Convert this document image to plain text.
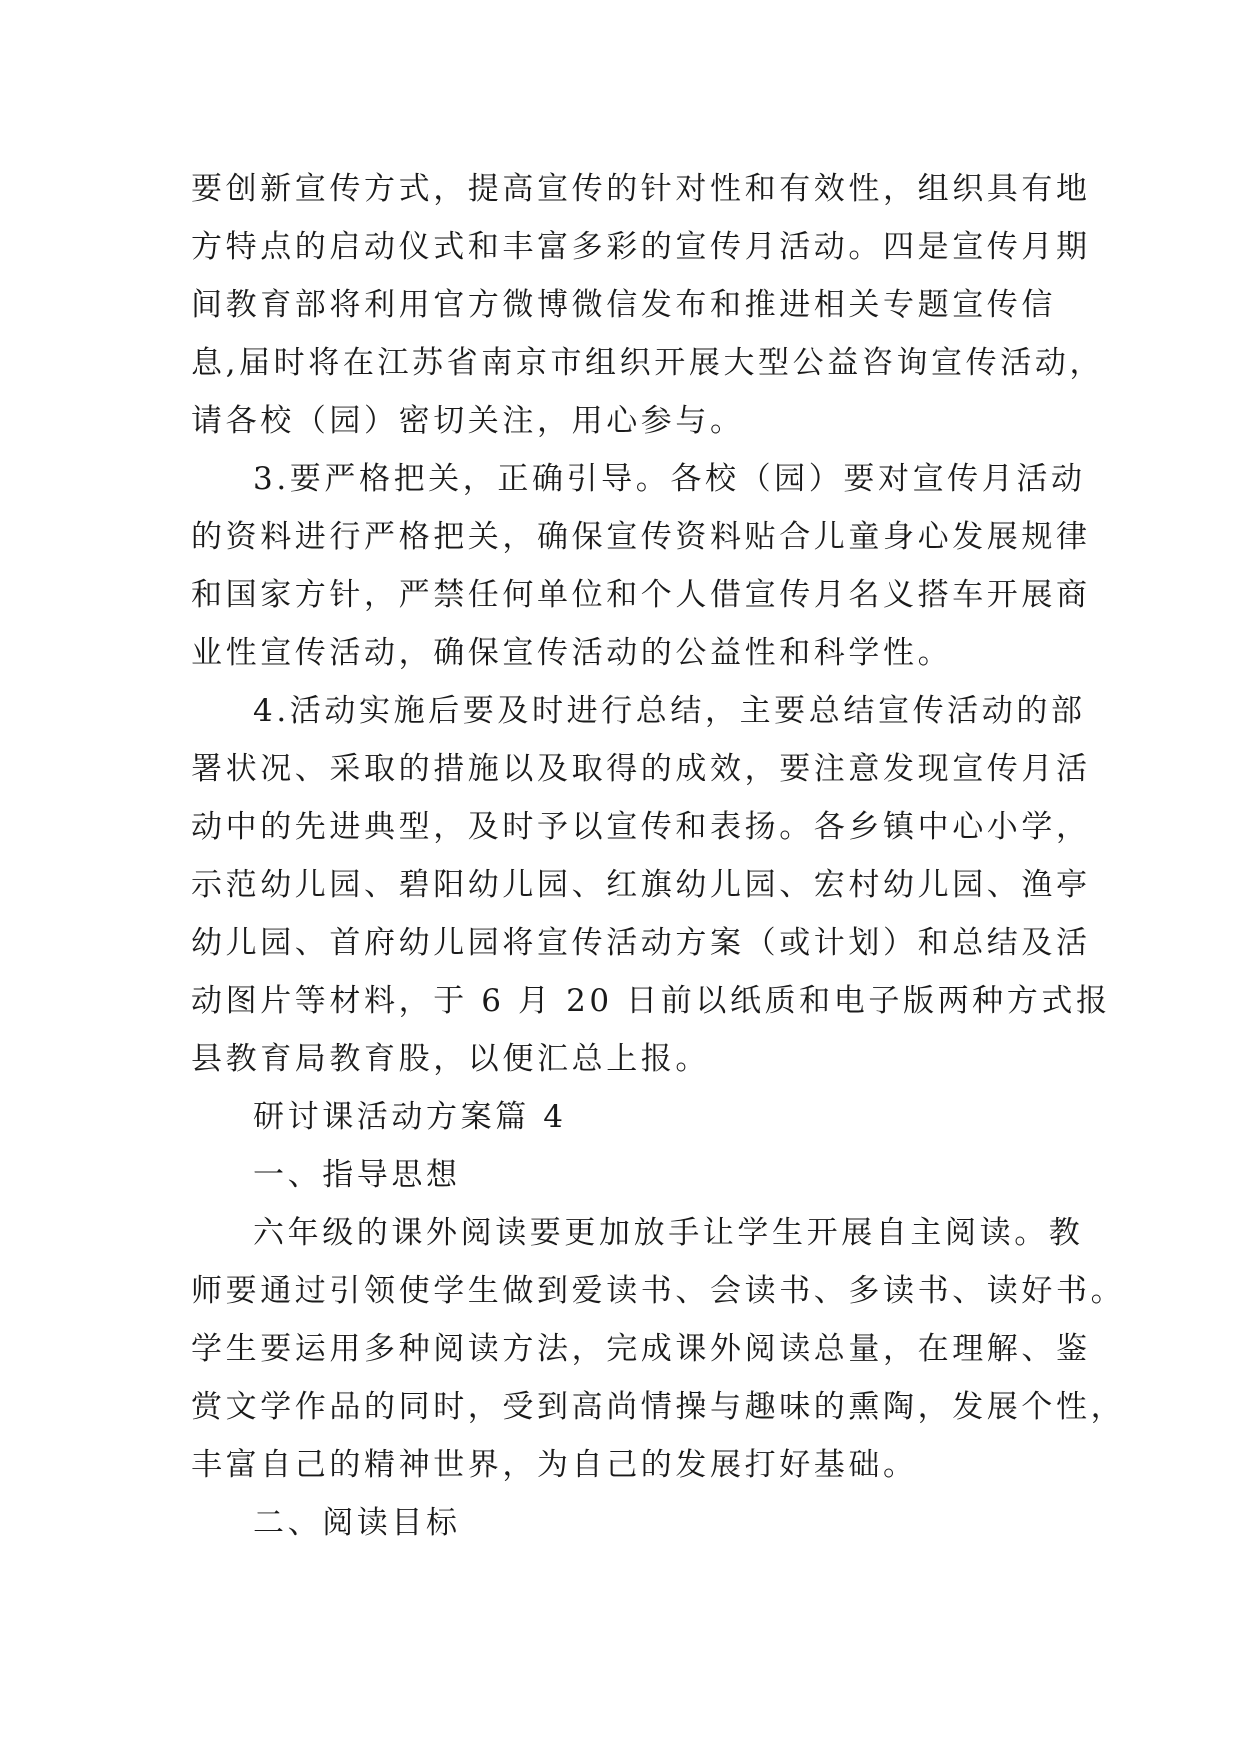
要创新宣传方式，提高宣传的针对性和有效性，组织具有地
方特点的启动仪式和丰富多彩的宣传月活动。四是宣传月期
间教育部将利用官方微博微信发布和推进相关专题宣传信
息,届时将在江苏省南京市组织开展大型公益咨询宣传活动，
请各校（园）密切关注，用心参与。
3.要严格把关，正确引导。各校（园）要对宣传月活动
的资料进行严格把关，确保宣传资料贴合儿童身心发展规律
和国家方针，严禁任何单位和个人借宣传月名义搭车开展商
业性宣传活动，确保宣传活动的公益性和科学性。
4.活动实施后要及时进行总结，主要总结宣传活动的部
署状况、采取的措施以及取得的成效，要注意发现宣传月活
动中的先进典型，及时予以宣传和表扬。各乡镇中心小学，
示范幼儿园、碧阳幼儿园、红旗幼儿园、宏村幼儿园、渔亭
幼儿园、首府幼儿园将宣传活动方案（或计划）和总结及活
动图片等材料，于 6 月 20 日前以纸质和电子版两种方式报
县教育局教育股，以便汇总上报。
研讨课活动方案篇 4
一、指导思想
六年级的课外阅读要更加放手让学生开展自主阅读。教
师要通过引领使学生做到爱读书、会读书、多读书、读好书。
学生要运用多种阅读方法，完成课外阅读总量，在理解、鉴
赏文学作品的同时，受到高尚情操与趣味的熏陶，发展个性，
丰富自己的精神世界，为自己的发展打好基础。
二、阅读目标
